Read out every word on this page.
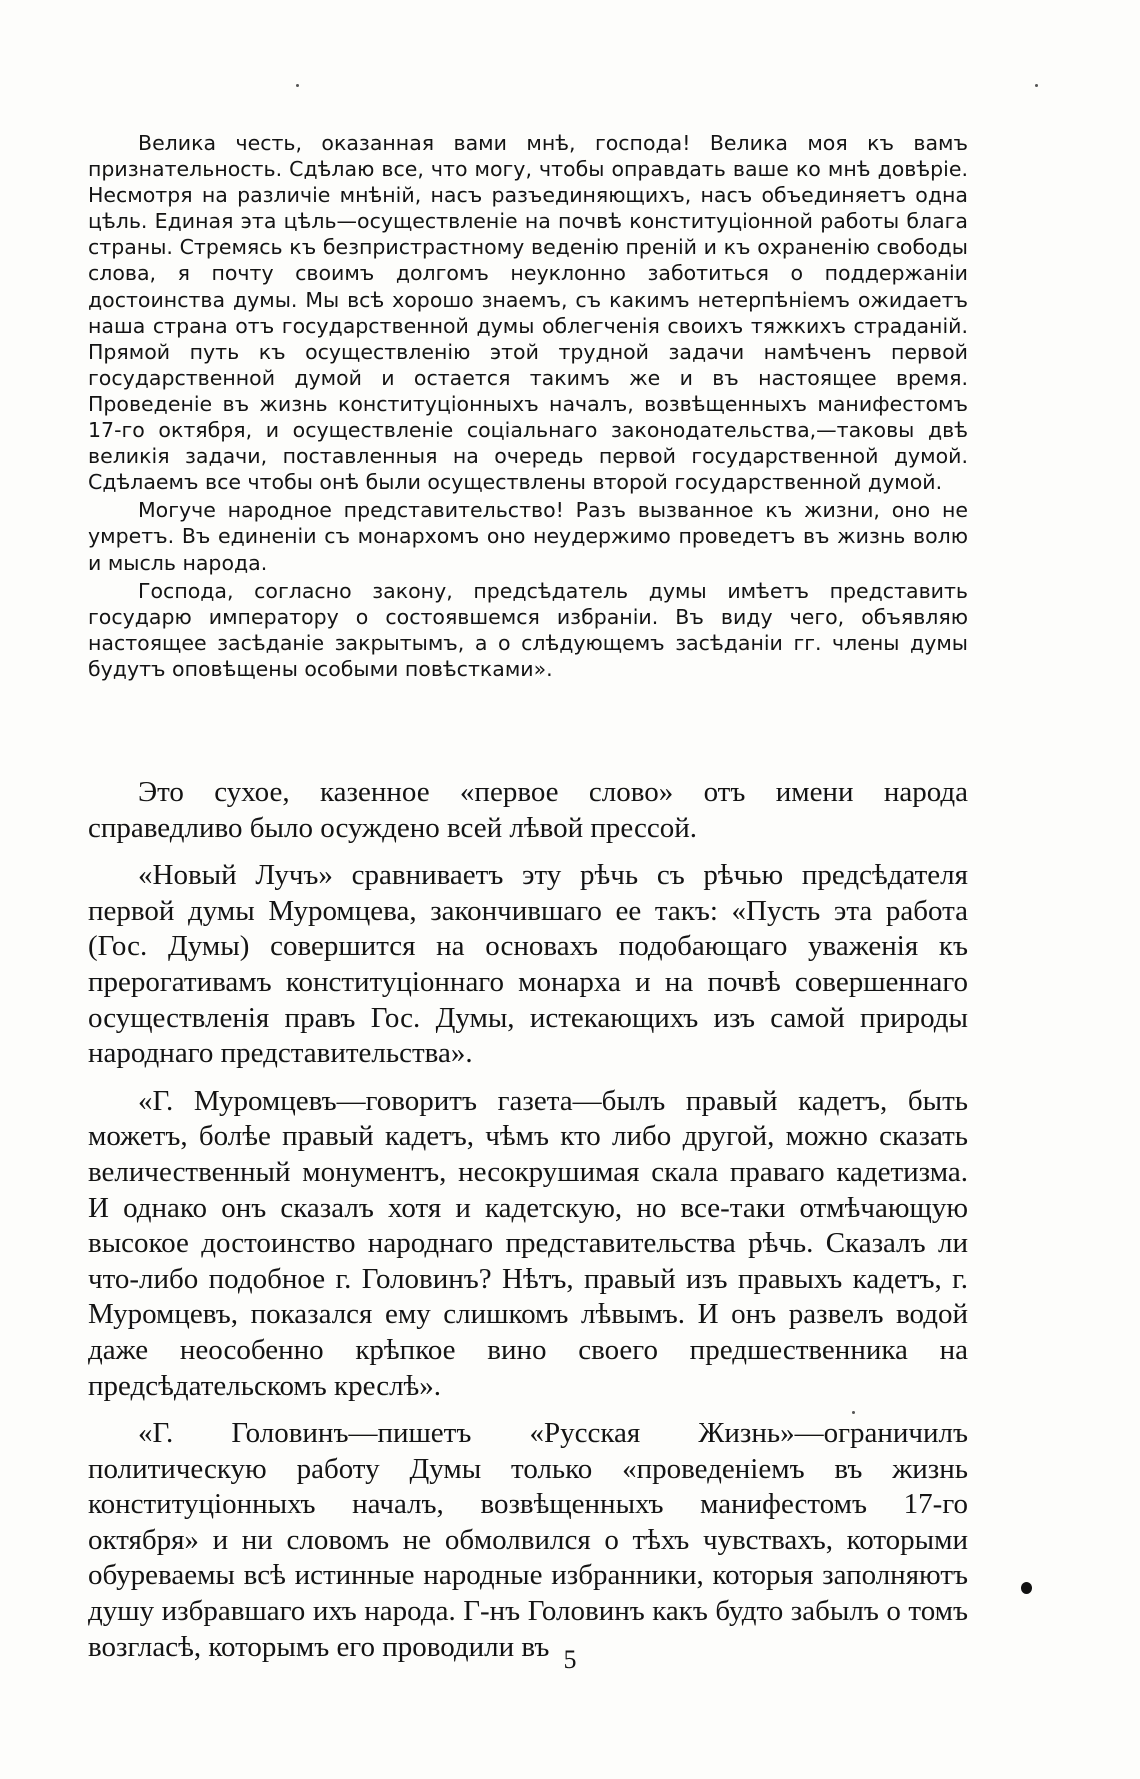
Велика честь, оказанная вами мнѣ, господа! Велика моя къ вамъ признательность. Сдѣлаю все, что могу, чтобы оправдать ваше ко мнѣ довѣріе. Несмотря на различіе мнѣній, насъ разъединяющихъ, насъ объединяетъ одна цѣль. Единая эта цѣль—осуществленіе на почвѣ конституціонной работы блага страны. Стремясь къ безпристрастному веденію преній и къ охраненію свободы слова, я почту своимъ долгомъ неуклонно заботиться о поддержаніи достоинства думы. Мы всѣ хорошо знаемъ, съ какимъ нетерпѣніемъ ожидаетъ наша страна отъ государственной думы облегченія своихъ тяжкихъ страданій. Прямой путь къ осуществленію этой трудной задачи намѣченъ первой государственной думой и остается такимъ же и въ настоящее время. Проведеніе въ жизнь конституціонныхъ началъ, возвѣщенныхъ манифестомъ 17-го октября, и осуществленіе соціальнаго законодательства,—таковы двѣ великія задачи, поставленныя на очередь первой государственной думой. Сдѣлаемъ все чтобы онѣ были осуществлены второй государственной думой.

Могуче народное представительство! Разъ вызванное къ жизни, оно не умретъ. Въ единеніи съ монархомъ оно неудержимо проведетъ въ жизнь волю и мысль народа.

Господа, согласно закону, предсѣдатель думы имѣетъ представить государю императору о состоявшемся избраніи. Въ виду чего, объявляю настоящее засѣданіе закрытымъ, а о слѣдующемъ засѣданіи гг. члены думы будутъ оповѣщены особыми повѣстками».

Это сухое, казенное «первое слово» отъ имени народа справедливо было осуждено всей лѣвой прессой.

«Новый Лучъ» сравниваетъ эту рѣчь съ рѣчью предсѣдателя первой думы Муромцева, закончившаго ее такъ: «Пусть эта работа (Гос. Думы) совершится на основахъ подобающаго уваженія къ прерогативамъ конституціоннаго монарха и на почвѣ совершеннаго осуществленія правъ Гос. Думы, истекающихъ изъ самой природы народнаго представительства».

«Г. Муромцевъ—говоритъ газета—былъ правый кадетъ, быть можетъ, болѣе правый кадетъ, чѣмъ кто либо другой, можно сказать величественный монументъ, несокрушимая скала праваго кадетизма. И однако онъ сказалъ хотя и кадетскую, но все-таки отмѣчающую высокое достоинство народнаго представительства рѣчь. Сказалъ ли что-либо подобное г. Головинъ? Нѣтъ, правый изъ правыхъ кадетъ, г. Муромцевъ, показался ему слишкомъ лѣвымъ. И онъ развелъ водой даже неособенно крѣпкое вино своего предшественника на предсѣдательскомъ креслѣ».

«Г. Головинъ—пишетъ «Русская Жизнь»—ограничилъ политическую работу Думы только «проведеніемъ въ жизнь конституціонныхъ началъ, возвѣщенныхъ манифестомъ 17-го октября» и ни словомъ не обмолвился о тѣхъ чувствахъ, которыми обуреваемы всѣ истинные народные избранники, которыя заполняютъ душу избравшаго ихъ народа. Г-нъ Головинъ какъ будто забылъ о томъ возгласѣ, которымъ его проводили въ 5
